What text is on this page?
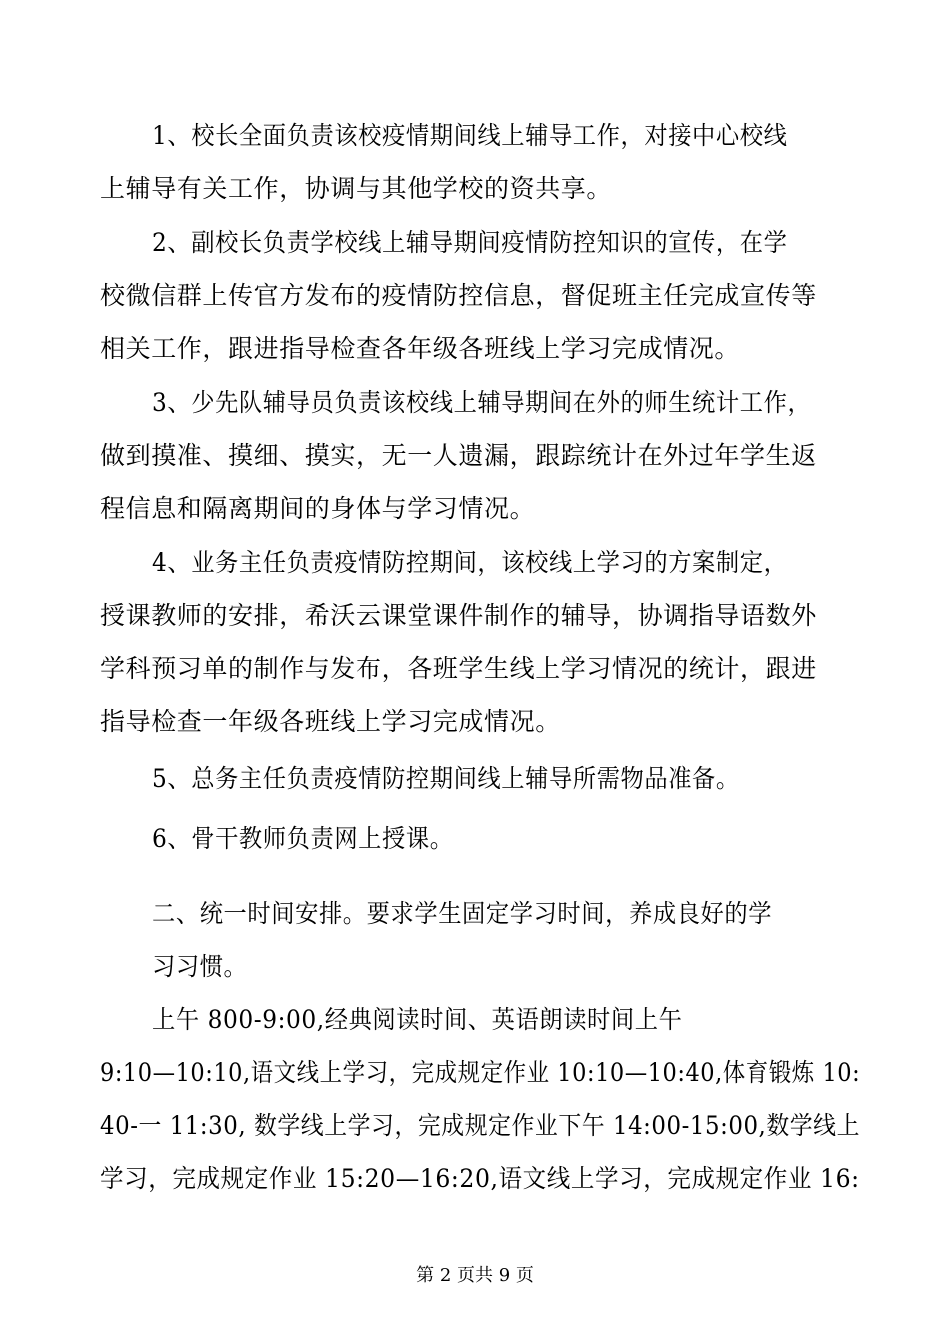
1、校长全面负责该校疫情期间线上辅导工作，对接中心校线
上辅导有关工作，协调与其他学校的资共享。
2、副校长负责学校线上辅导期间疫情防控知识的宣传，在学
校微信群上传官方发布的疫情防控信息，督促班主任完成宣传等
相关工作，跟进指导检查各年级各班线上学习完成情况。
3、少先队辅导员负责该校线上辅导期间在外的师生统计工作，
做到摸准、摸细、摸实，无一人遗漏，跟踪统计在外过年学生返
程信息和隔离期间的身体与学习情况。
4、业务主任负责疫情防控期间，该校线上学习的方案制定，
授课教师的安排，希沃云课堂课件制作的辅导，协调指导语数外
学科预习单的制作与发布，各班学生线上学习情况的统计，跟进
指导检查一年级各班线上学习完成情况。
5、总务主任负责疫情防控期间线上辅导所需物品准备。
6、骨干教师负责网上授课。
二、统一时间安排。要求学生固定学习时间，养成良好的学
习习惯。
上午 800-9:00,经典阅读时间、英语朗读时间上午
9:10—10:10,语文线上学习，完成规定作业 10:10—10:40,体育锻炼 10:
40-一 11:30, 数学线上学习，完成规定作业下午 14:00-15:00,数学线上
学习，完成规定作业 15:20—16:20,语文线上学习，完成规定作业 16:
第 2 页共 9 页
